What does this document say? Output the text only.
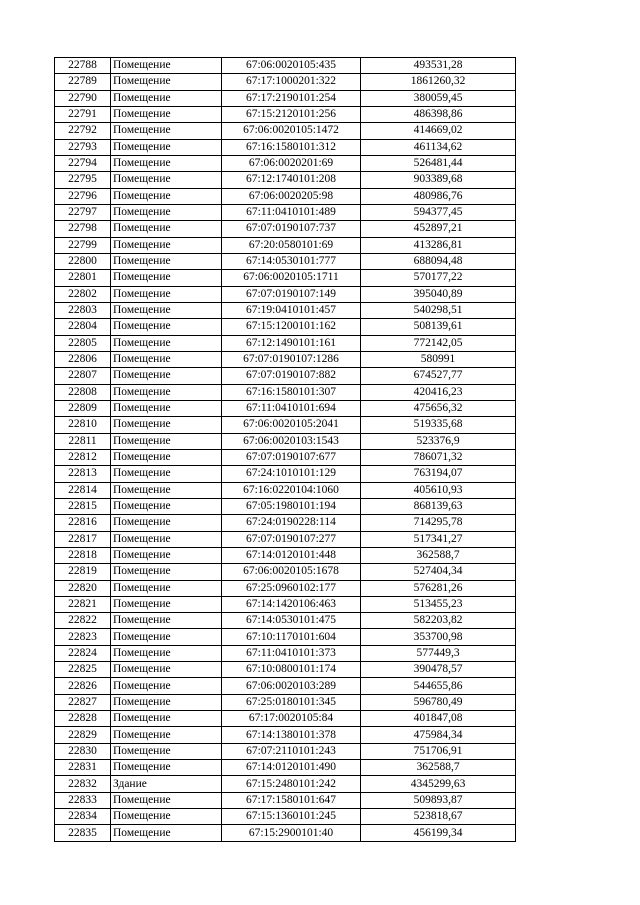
22788	Помещение	67:06:0020105:435	493531,28
22789	Помещение	67:17:1000201:322	1861260,32
22790	Помещение	67:17:2190101:254	380059,45
22791	Помещение	67:15:2120101:256	486398,86
22792	Помещение	67:06:0020105:1472	414669,02
22793	Помещение	67:16:1580101:312	461134,62
22794	Помещение	67:06:0020201:69	526481,44
22795	Помещение	67:12:1740101:208	903389,68
22796	Помещение	67:06:0020205:98	480986,76
22797	Помещение	67:11:0410101:489	594377,45
22798	Помещение	67:07:0190107:737	452897,21
22799	Помещение	67:20:0580101:69	413286,81
22800	Помещение	67:14:0530101:777	688094,48
22801	Помещение	67:06:0020105:1711	570177,22
22802	Помещение	67:07:0190107:149	395040,89
22803	Помещение	67:19:0410101:457	540298,51
22804	Помещение	67:15:1200101:162	508139,61
22805	Помещение	67:12:1490101:161	772142,05
22806	Помещение	67:07:0190107:1286	580991
22807	Помещение	67:07:0190107:882	674527,77
22808	Помещение	67:16:1580101:307	420416,23
22809	Помещение	67:11:0410101:694	475656,32
22810	Помещение	67:06:0020105:2041	519335,68
22811	Помещение	67:06:0020103:1543	523376,9
22812	Помещение	67:07:0190107:677	786071,32
22813	Помещение	67:24:1010101:129	763194,07
22814	Помещение	67:16:0220104:1060	405610,93
22815	Помещение	67:05:1980101:194	868139,63
22816	Помещение	67:24:0190228:114	714295,78
22817	Помещение	67:07:0190107:277	517341,27
22818	Помещение	67:14:0120101:448	362588,7
22819	Помещение	67:06:0020105:1678	527404,34
22820	Помещение	67:25:0960102:177	576281,26
22821	Помещение	67:14:1420106:463	513455,23
22822	Помещение	67:14:0530101:475	582203,82
22823	Помещение	67:10:1170101:604	353700,98
22824	Помещение	67:11:0410101:373	577449,3
22825	Помещение	67:10:0800101:174	390478,57
22826	Помещение	67:06:0020103:289	544655,86
22827	Помещение	67:25:0180101:345	596780,49
22828	Помещение	67:17:0020105:84	401847,08
22829	Помещение	67:14:1380101:378	475984,34
22830	Помещение	67:07:2110101:243	751706,91
22831	Помещение	67:14:0120101:490	362588,7
22832	Здание	67:15:2480101:242	4345299,63
22833	Помещение	67:17:1580101:647	509893,87
22834	Помещение	67:15:1360101:245	523818,67
22835	Помещение	67:15:2900101:40	456199,34
